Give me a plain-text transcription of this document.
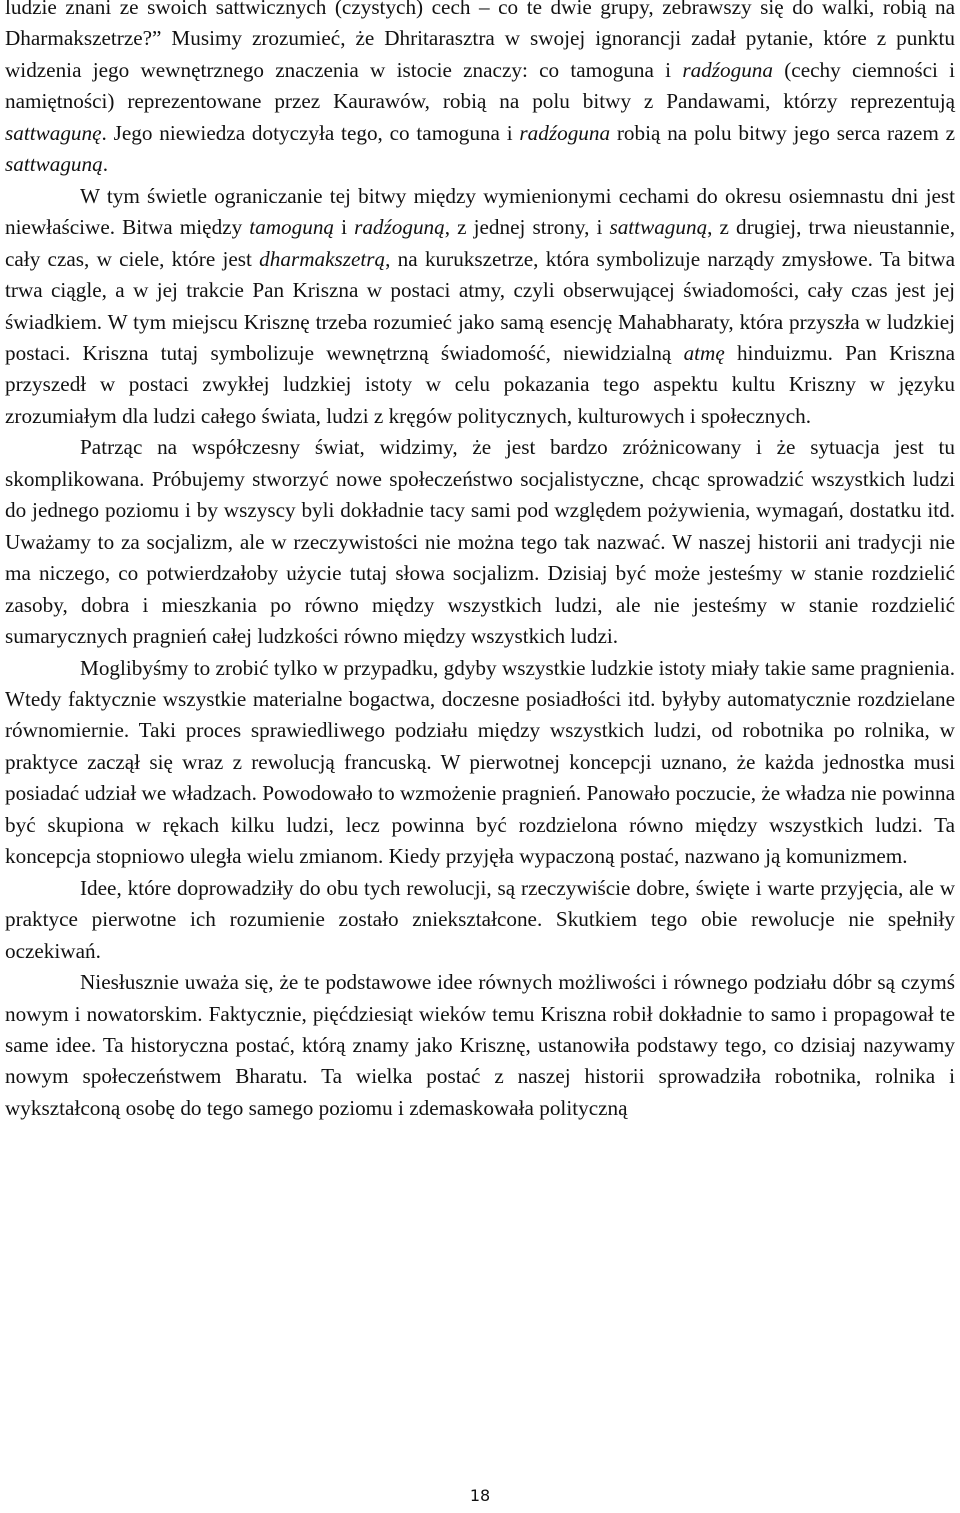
ludzie znani ze swoich sattwicznych (czystych) cech – co te dwie grupy, zebrawszy się do walki, robią na Dharmakszetrze?” Musimy zrozumieć, że Dhritarasztra w swojej ignorancji zadał pytanie, które z punktu widzenia jego wewnętrznego znaczenia w istocie znaczy: co tamoguna i radźoguna (cechy ciemności i namiętności) reprezentowane przez Kaurawów, robią na polu bitwy z Pandawami, którzy reprezentują sattwagunę. Jego niewiedza dotyczyła tego, co tamoguna i radźoguna robią na polu bitwy jego serca razem z sattwaguną.

W tym świetle ograniczanie tej bitwy między wymienionymi cechami do okresu osiemnastu dni jest niewłaściwe. Bitwa między tamoguną i radźoguną, z jednej strony, i sattwaguną, z drugiej, trwa nieustannie, cały czas, w ciele, które jest dharmakszetrą, na kurukszetrze, która symbolizuje narządy zmysłowe. Ta bitwa trwa ciągle, a w jej trakcie Pan Kriszna w postaci atmy, czyli obserwującej świadomości, cały czas jest jej świadkiem. W tym miejscu Krisznę trzeba rozumieć jako samą esencję Mahabharaty, która przyszła w ludzkiej postaci. Kriszna tutaj symbolizuje wewnętrzną świadomość, niewidzialną atmę hinduizmu. Pan Kriszna przyszedł w postaci zwykłej ludzkiej istoty w celu pokazania tego aspektu kultu Kriszny w języku zrozumiałym dla ludzi całego świata, ludzi z kręgów politycznych, kulturowych i społecznych.

Patrząc na współczesny świat, widzimy, że jest bardzo zróżnicowany i że sytuacja jest tu skomplikowana. Próbujemy stworzyć nowe społeczeństwo socjalistyczne, chcąc sprowadzić wszystkich ludzi do jednego poziomu i by wszyscy byli dokładnie tacy sami pod względem pożywienia, wymagań, dostatku itd. Uważamy to za socjalizm, ale w rzeczywistości nie można tego tak nazwać. W naszej historii ani tradycji nie ma niczego, co potwierdzałoby użycie tutaj słowa socjalizm. Dzisiaj być może jesteśmy w stanie rozdzielić zasoby, dobra i mieszkania po równo między wszystkich ludzi, ale nie jesteśmy w stanie rozdzielić sumarycznych pragnień całej ludzkości równo między wszystkich ludzi.

Moglibyśmy to zrobić tylko w przypadku, gdyby wszystkie ludzkie istoty miały takie same pragnienia. Wtedy faktycznie wszystkie materialne bogactwa, doczesne posiadłości itd. byłyby automatycznie rozdzielane równomiernie. Taki proces sprawiedliwego podziału między wszystkich ludzi, od robotnika po rolnika, w praktyce zaczął się wraz z rewolucją francuską. W pierwotnej koncepcji uznano, że każda jednostka musi posiadać udział we władzach. Powodowało to wzmożenie pragnień. Panowało poczucie, że władza nie powinna być skupiona w rękach kilku ludzi, lecz powinna być rozdzielona równo między wszystkich ludzi. Ta koncepcja stopniowo uległa wielu zmianom. Kiedy przyjęła wypaczoną postać, nazwano ją komunizmem.

Idee, które doprowadziły do obu tych rewolucji, są rzeczywiście dobre, święte i warte przyjęcia, ale w praktyce pierwotne ich rozumienie zostało zniekształcone. Skutkiem tego obie rewolucje nie spełniły oczekiwań.

Niesłusznie uważa się, że te podstawowe idee równych możliwości i równego podziału dóbr są czymś nowym i nowatorskim. Faktycznie, pięćdziesiąt wieków temu Kriszna robił dokładnie to samo i propagował te same idee. Ta historyczna postać, którą znamy jako Krisznę, ustanowiła podstawy tego, co dzisiaj nazywamy nowym społeczeństwem Bharatu. Ta wielka postać z naszej historii sprowadziła robotnika, rolnika i wykształconą osobę do tego samego poziomu i zdemaskowała polityczną

18
